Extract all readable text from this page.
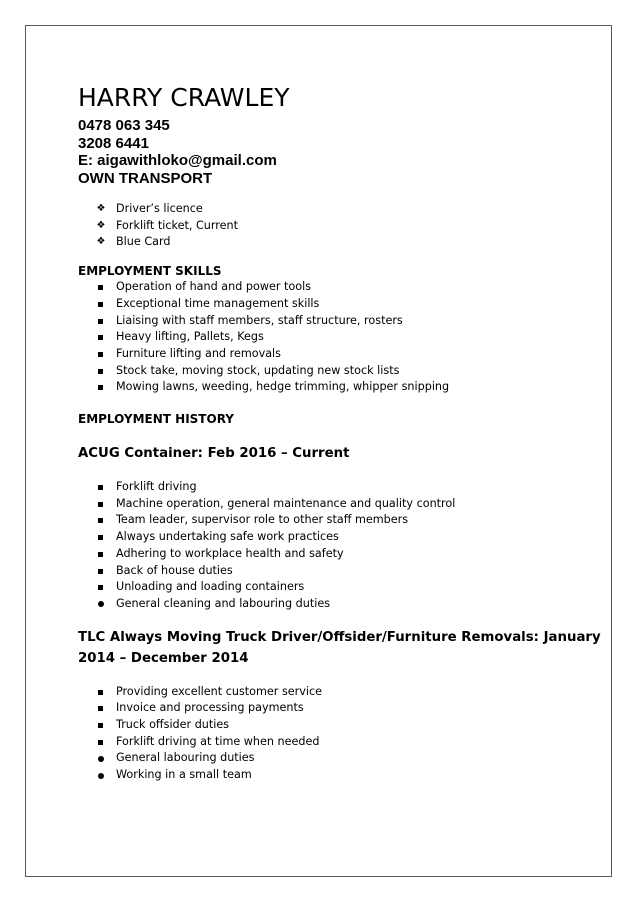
HARRY CRAWLEY

0478 063 345

3208 6441

E: aigawithloko@gmail.com

OWN TRANSPORT

❖ Driver’s licence
❖ Forklift ticket, Current
❖ Blue Card
EMPLOYMENT SKILLS
Operation of hand and power tools
Exceptional time management skills
Liaising with staff members, staff structure, rosters
Heavy lifting, Pallets, Kegs
Furniture lifting and removals
Stock take, moving stock, updating new stock lists
Mowing lawns, weeding, hedge trimming, whipper snipping
EMPLOYMENT HISTORY
ACUG Container: Feb 2016 – Current
Forklift driving
Machine operation, general maintenance and quality control
Team leader, supervisor role to other staff members
Always undertaking safe work practices
Adhering to workplace health and safety
Back of house duties
Unloading and loading containers
General cleaning and labouring duties
TLC Always Moving Truck Driver/Offsider/Furniture Removals: January
2014 – December 2014
Providing excellent customer service
Invoice and processing payments
Truck offsider duties
Forklift driving at time when needed
General labouring duties
Working in a small team
